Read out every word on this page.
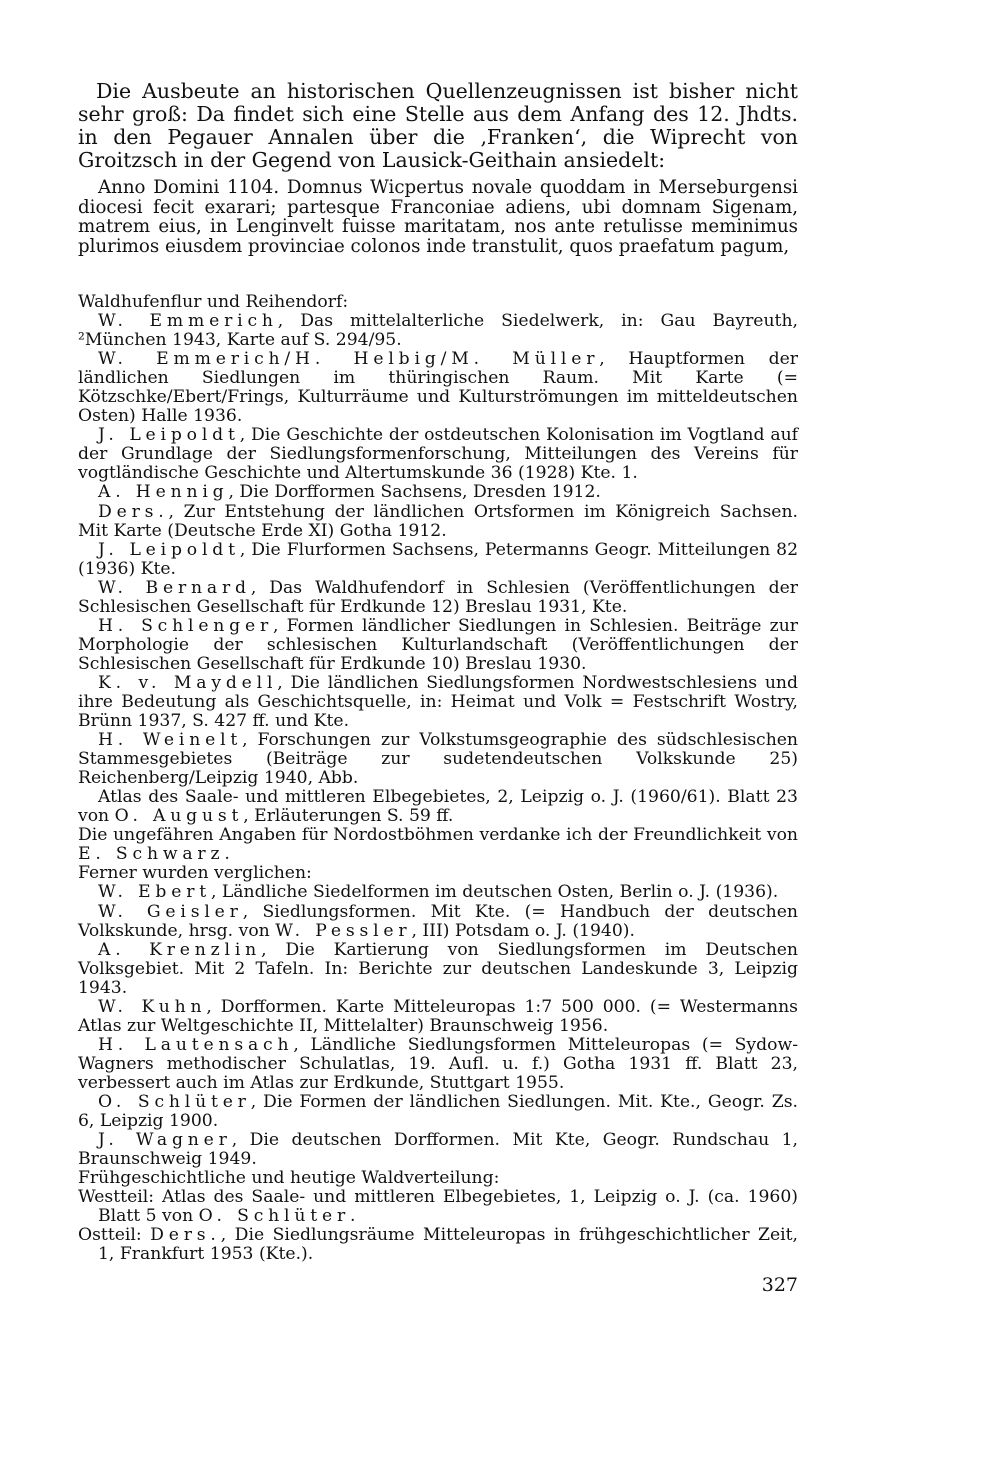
Die Ausbeute an historischen Quellenzeugnissen ist bisher nicht sehr groß: Da findet sich eine Stelle aus dem Anfang des 12. Jhdts. in den Pegauer Annalen über die ‚Franken‘, die Wiprecht von Groitzsch in der Gegend von Lausick-Geithain ansiedelt:

Anno Domini 1104. Domnus Wicpertus novale quoddam in Merseburgensi diocesi fecit exarari; partesque Franconiae adiens, ubi domnam Sigenam, matrem eius, in Lenginvelt fuisse maritatam, nos ante retulisse meminimus plurimos eiusdem provinciae colonos inde transtulit, quos praefatum pagum,

Waldhufenflur und Reihendorf:

W. Emmerich, Das mittelalterliche Siedelwerk, in: Gau Bayreuth, ²München 1943, Karte auf S. 294/95.

W. Emmerich/H. Helbig/M. Müller, Hauptformen der ländlichen Siedlungen im thüringischen Raum. Mit Karte (= Kötzschke/Ebert/Frings, Kulturräume und Kulturströmungen im mitteldeutschen Osten) Halle 1936.

J. Leipoldt, Die Geschichte der ostdeutschen Kolonisation im Vogtland auf der Grundlage der Siedlungsformenforschung, Mitteilungen des Vereins für vogtländische Geschichte und Altertumskunde 36 (1928) Kte. 1.

A. Hennig, Die Dorfformen Sachsens, Dresden 1912.

Ders., Zur Entstehung der ländlichen Ortsformen im Königreich Sachsen. Mit Karte (Deutsche Erde XI) Gotha 1912.

J. Leipoldt, Die Flurformen Sachsens, Petermanns Geogr. Mitteilungen 82 (1936) Kte.

W. Bernard, Das Waldhufendorf in Schlesien (Veröffentlichungen der Schlesischen Gesellschaft für Erdkunde 12) Breslau 1931, Kte.

H. Schlenger, Formen ländlicher Siedlungen in Schlesien. Beiträge zur Morphologie der schlesischen Kulturlandschaft (Veröffentlichungen der Schlesischen Gesellschaft für Erdkunde 10) Breslau 1930.

K. v. Maydell, Die ländlichen Siedlungsformen Nordwestschlesiens und ihre Bedeutung als Geschichtsquelle, in: Heimat und Volk = Festschrift Wostry, Brünn 1937, S. 427 ff. und Kte.

H. Weinelt, Forschungen zur Volkstumsgeographie des südschlesischen Stammesgebietes (Beiträge zur sudetendeutschen Volkskunde 25) Reichenberg/Leipzig 1940, Abb.

Atlas des Saale- und mittleren Elbegebietes, 2, Leipzig o. J. (1960/61). Blatt 23 von O. August, Erläuterungen S. 59 ff.

Die ungefähren Angaben für Nordostböhmen verdanke ich der Freundlichkeit von E. Schwarz.

Ferner wurden verglichen:

W. Ebert, Ländliche Siedelformen im deutschen Osten, Berlin o. J. (1936).

W. Geisler, Siedlungsformen. Mit Kte. (= Handbuch der deutschen Volkskunde, hrsg. von W. Pessler, III) Potsdam o. J. (1940).

A. Krenzlin, Die Kartierung von Siedlungsformen im Deutschen Volksgebiet. Mit 2 Tafeln. In: Berichte zur deutschen Landeskunde 3, Leipzig 1943.

W. Kuhn, Dorfformen. Karte Mitteleuropas 1:7 500 000. (= Westermanns Atlas zur Weltgeschichte II, Mittelalter) Braunschweig 1956.

H. Lautensach, Ländliche Siedlungsformen Mitteleuropas (= Sydow-Wagners methodischer Schulatlas, 19. Aufl. u. f.) Gotha 1931 ff. Blatt 23, verbessert auch im Atlas zur Erdkunde, Stuttgart 1955.

O. Schlüter, Die Formen der ländlichen Siedlungen. Mit. Kte., Geogr. Zs. 6, Leipzig 1900.

J. Wagner, Die deutschen Dorfformen. Mit Kte, Geogr. Rundschau 1, Braunschweig 1949.

Frühgeschichtliche und heutige Waldverteilung:

Westteil: Atlas des Saale- und mittleren Elbegebietes, 1, Leipzig o. J. (ca. 1960) Blatt 5 von O. Schlüter.

Ostteil: Ders., Die Siedlungsräume Mitteleuropas in frühgeschichtlicher Zeit, 1, Frankfurt 1953 (Kte.).

327
